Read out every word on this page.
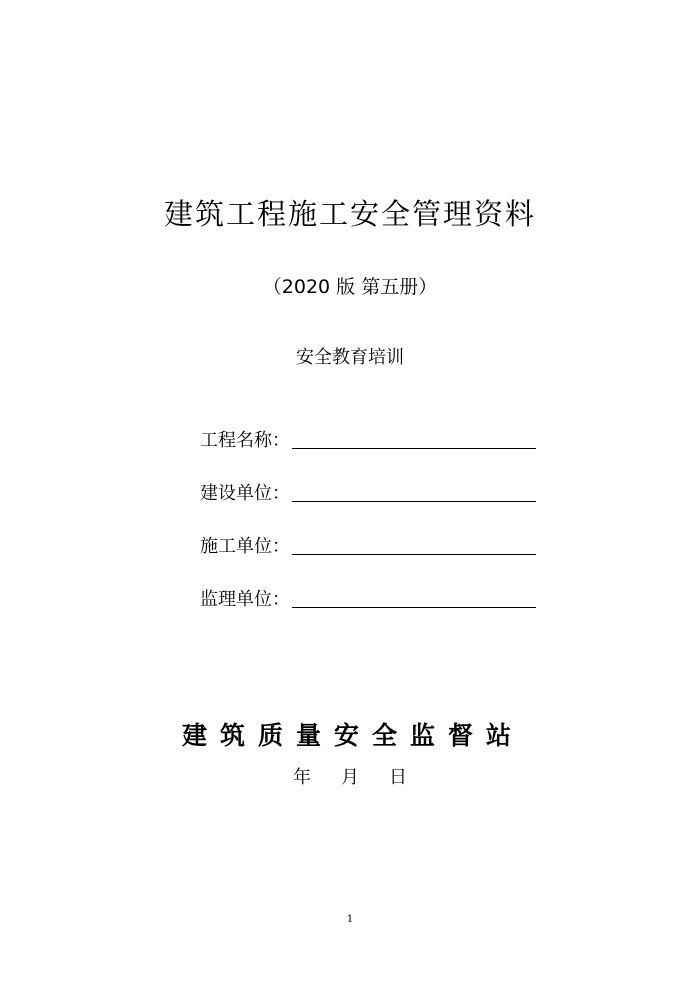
建筑工程施工安全管理资料
（2020 版 第五册）
安全教育培训
工程名称：
建设单位：
施工单位：
监理单位：
建筑质量安全监督站
年 月 日
1
